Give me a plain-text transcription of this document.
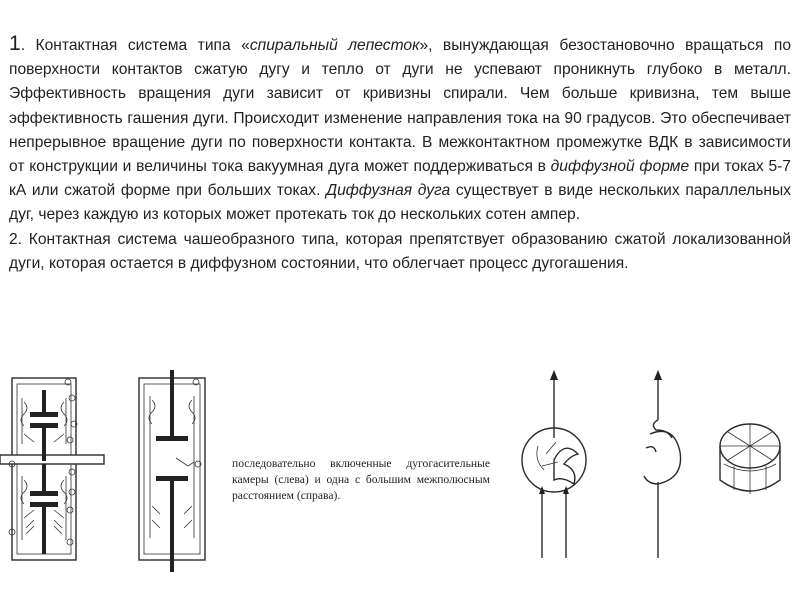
1. Контактная система типа «спиральный лепесток», вынуждающая безостановочно вращаться по поверхности контактов сжатую дугу и тепло от дуги не успевают проникнуть глубоко в металл. Эффективность вращения дуги зависит от кривизны спирали. Чем больше кривизна, тем выше эффективность гашения дуги. Происходит изменение направления тока на 90 градусов. Это обеспечивает непрерывное вращение дуги по поверхности контакта. В межконтактном промежутке ВДК в зависимости от конструкции и величины тока вакуумная дуга может поддерживаться в диффузной форме при токах 5-7 кА или сжатой форме при больших токах. Диффузная дуга существует в виде нескольких параллельных дуг, через каждую из которых может протекать ток до нескольких сотен ампер.

2. Контактная система чашеобразного типа, которая препятствует образованию сжатой локализованной дуги, которая остается в диффузном состоянии, что облегчает процесс дугогашения.

последовательно включенные дугогасительные камеры (слева) и одна с большим межполюсным расстоянием (справа).
